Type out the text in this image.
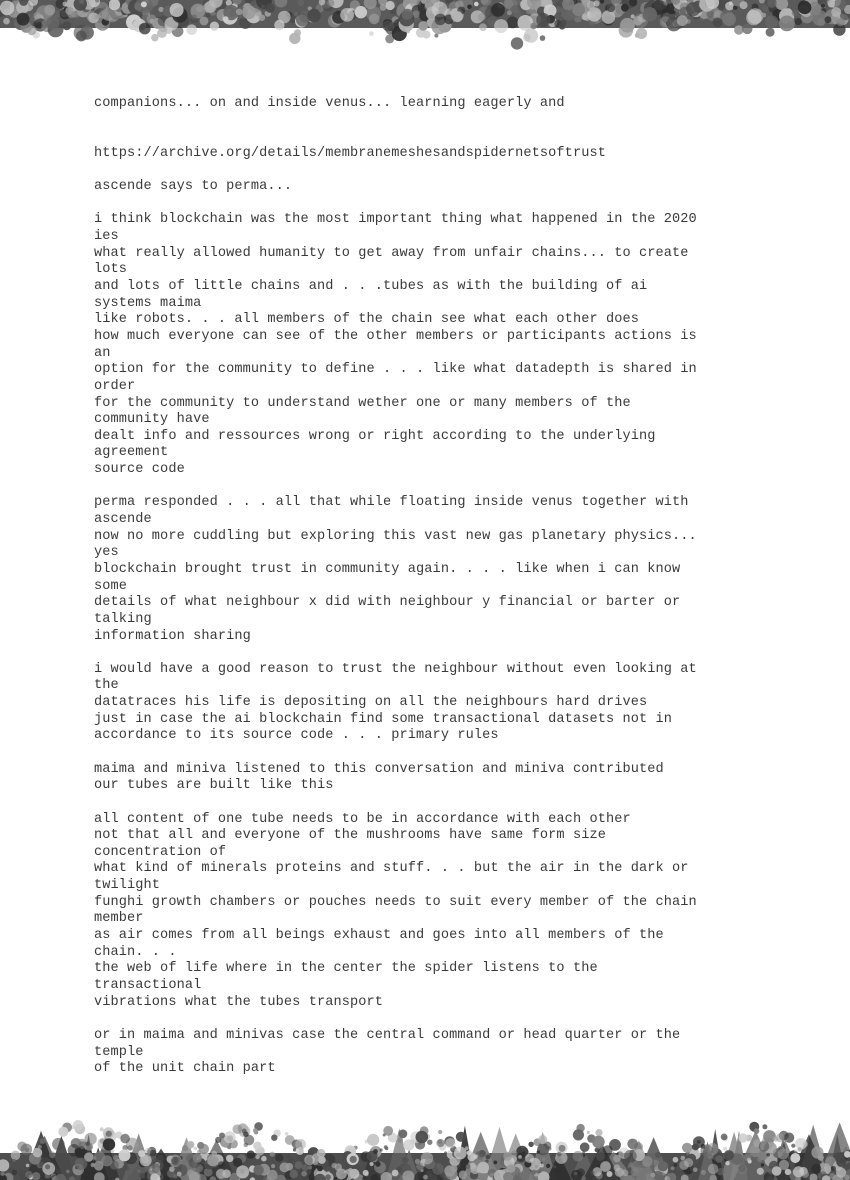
companions... on and inside venus... learning eagerly and
https://archive.org/details/membranemeshesandspidernetsoftrust
ascende says to perma...
i think blockchain was the most important thing what happened in the 2020
ies
what really allowed humanity to get away from unfair chains... to create
lots
and lots of little chains and . . .tubes as with the building of ai
systems maima
like robots. . . all members of the chain see what each other does
how much everyone can see of the other members or participants actions is
an
option for the community to define . . . like what datadepth is shared in
order
for the community to understand wether one or many members of the
community have
dealt info and ressources wrong or right according to the underlying
agreement
source code
perma responded . . . all that while floating inside venus together with
ascende
now no more cuddling but exploring this vast new gas planetary physics...
yes
blockchain brought trust in community again. . . . like when i can know
some
details of what neighbour x did with neighbour y financial or barter or
talking
information sharing
i would have a good reason to trust the neighbour without even looking at
the
datatraces his life is depositing on all the neighbours hard drives
just in case the ai blockchain find some transactional datasets not in
accordance to its source code . . . primary rules
maima and miniva listened to this conversation and miniva contributed
our tubes are built like this
all content of one tube needs to be in accordance with each other
not that all and everyone of the mushrooms have same form size
concentration of
what kind of minerals proteins and stuff. . . but the air in the dark or
twilight
funghi growth chambers or pouches needs to suit every member of the chain
member
as air comes from all beings exhaust and goes into all members of the
chain. . .
the web of life where in the center the spider listens to the
transactional
vibrations what the tubes transport
or in maima and minivas case the central command or head quarter or the
temple
of the unit chain part
